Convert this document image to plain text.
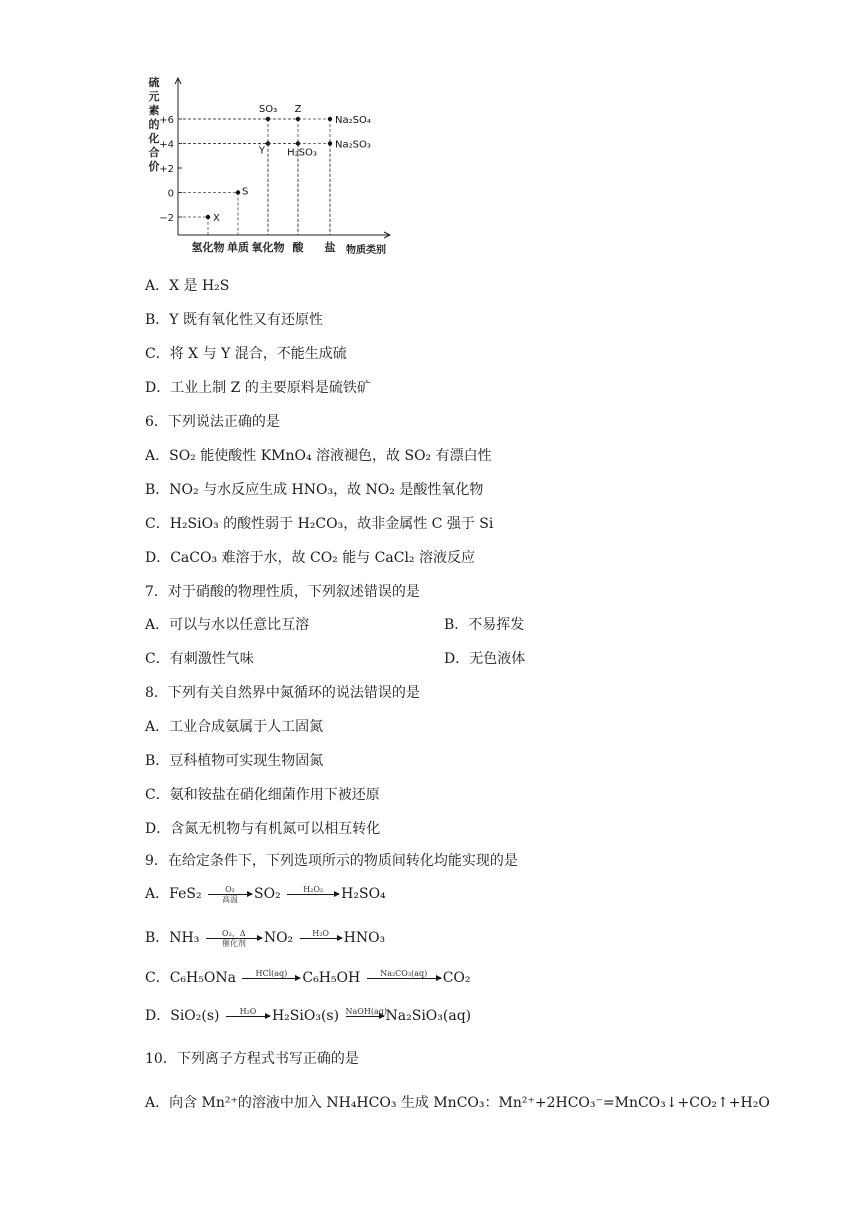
硫
元
素
的
化
合
价
+6
+4
+2
0
−2
氢化物 单质 氧化物 酸 盐 物质类别
X
S
SO₃
Y
Z
H₂SO₃
Na₂SO₄
Na₂SO₃
A．X 是 H₂S
B．Y 既有氧化性又有还原性
C．将 X 与 Y 混合，不能生成硫
D．工业上制 Z 的主要原料是硫铁矿
6．下列说法正确的是
A．SO₂ 能使酸性 KMnO₄ 溶液褪色，故 SO₂ 有漂白性
B．NO₂ 与水反应生成 HNO₃，故 NO₂ 是酸性氧化物
C．H₂SiO₃ 的酸性弱于 H₂CO₃，故非金属性 C 强于 Si
D．CaCO₃ 难溶于水，故 CO₂ 能与 CaCl₂ 溶液反应
7．对于硝酸的物理性质，下列叙述错误的是
A．可以与水以任意比互溶	B．不易挥发
C．有刺激性气味	D．无色液体
8．下列有关自然界中氮循环的说法错误的是
A．工业合成氨属于人工固氮
B．豆科植物可实现生物固氮
C．氨和铵盐在硝化细菌作用下被还原
D．含氮无机物与有机氮可以相互转化
9．在给定条件下，下列选项所示的物质间转化均能实现的是
A．FeS₂	O₂
高温	SO₂	H₂O₂	H₂SO₄
B．NH₃	O₂，Δ
催化剂	NO₂	H₂O	HNO₃
C．C₆H₅ONa	HCl(aq)	C₆H₅OH	Na₂CO₃(aq)	CO₂
D．SiO₂(s)	H₂O	H₂SiO₃(s) NaOH(aq)
Na₂SiO₃(aq)
10．下列离子方程式书写正确的是
A．向含 Mn²⁺的溶液中加入 NH₄HCO₃ 生成 MnCO₃：Mn²⁺+2HCO₃⁻=MnCO₃↓+CO₂↑+H₂O
